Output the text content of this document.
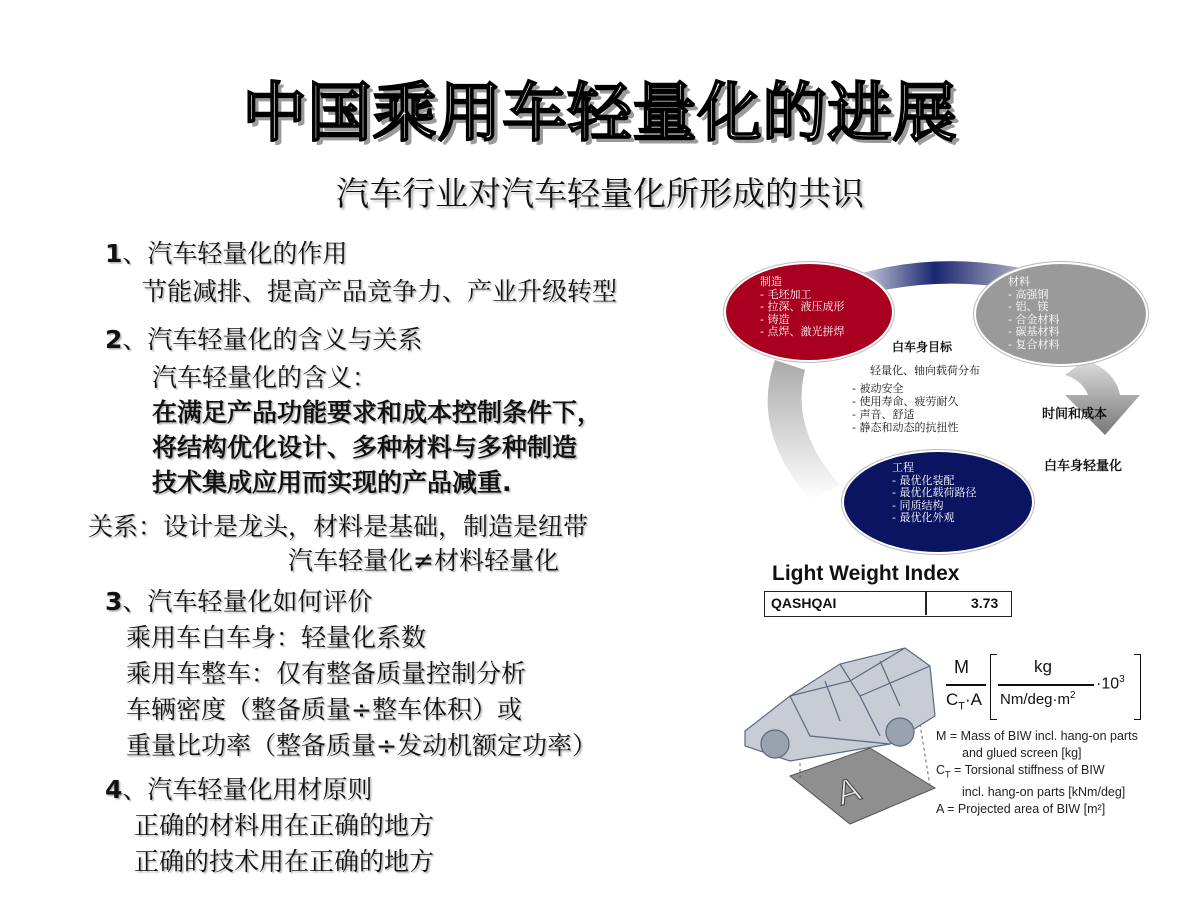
中国乘用车轻量化的进展
汽车行业对汽车轻量化所形成的共识
1、汽车轻量化的作用
节能减排、提高产品竞争力、产业升级转型
2、汽车轻量化的含义与关系
汽车轻量化的含义：
在满足产品功能要求和成本控制条件下，
将结构优化设计、多种材料与多种制造
技术集成应用而实现的产品减重.
关系：设计是龙头，材料是基础，制造是纽带
汽车轻量化≠材料轻量化
3、汽车轻量化如何评价
乘用车白车身：轻量化系数
乘用车整车：仅有整备质量控制分析
车辆密度（整备质量÷整车体积）或
重量比功率（整备质量÷发动机额定功率）
4、汽车轻量化用材原则
正确的材料用在正确的地方
正确的技术用在正确的地方
制造
- 毛坯加工
- 拉深、液压成形
- 铸造
- 点焊、激光拼焊
材料
- 高强钢
- 铝、镁
- 合金材料
- 碳基材料
- 复合材料
工程
- 最优化装配
- 最优化载荷路径
- 同质结构
- 最优化外观
白车身目标
轻量化、轴向载荷分布
- 被动安全
- 使用寿命、疲劳耐久
- 声音、舒适
- 静态和动态的抗扭性
时间和成本
白车身轻量化
Light Weight Index
QASHQAI	3.73
A
M
$C_T\cdot A$
kg
$Nm/deg\cdot m^2$
$\cdot 10^3$
M = Mass of BIW incl. hang-on parts
and glued screen [kg]
$C_T$ = Torsional stiffness of BIW
incl. hang-on parts [kNm/deg]
A = Projected area of BIW [m²]
